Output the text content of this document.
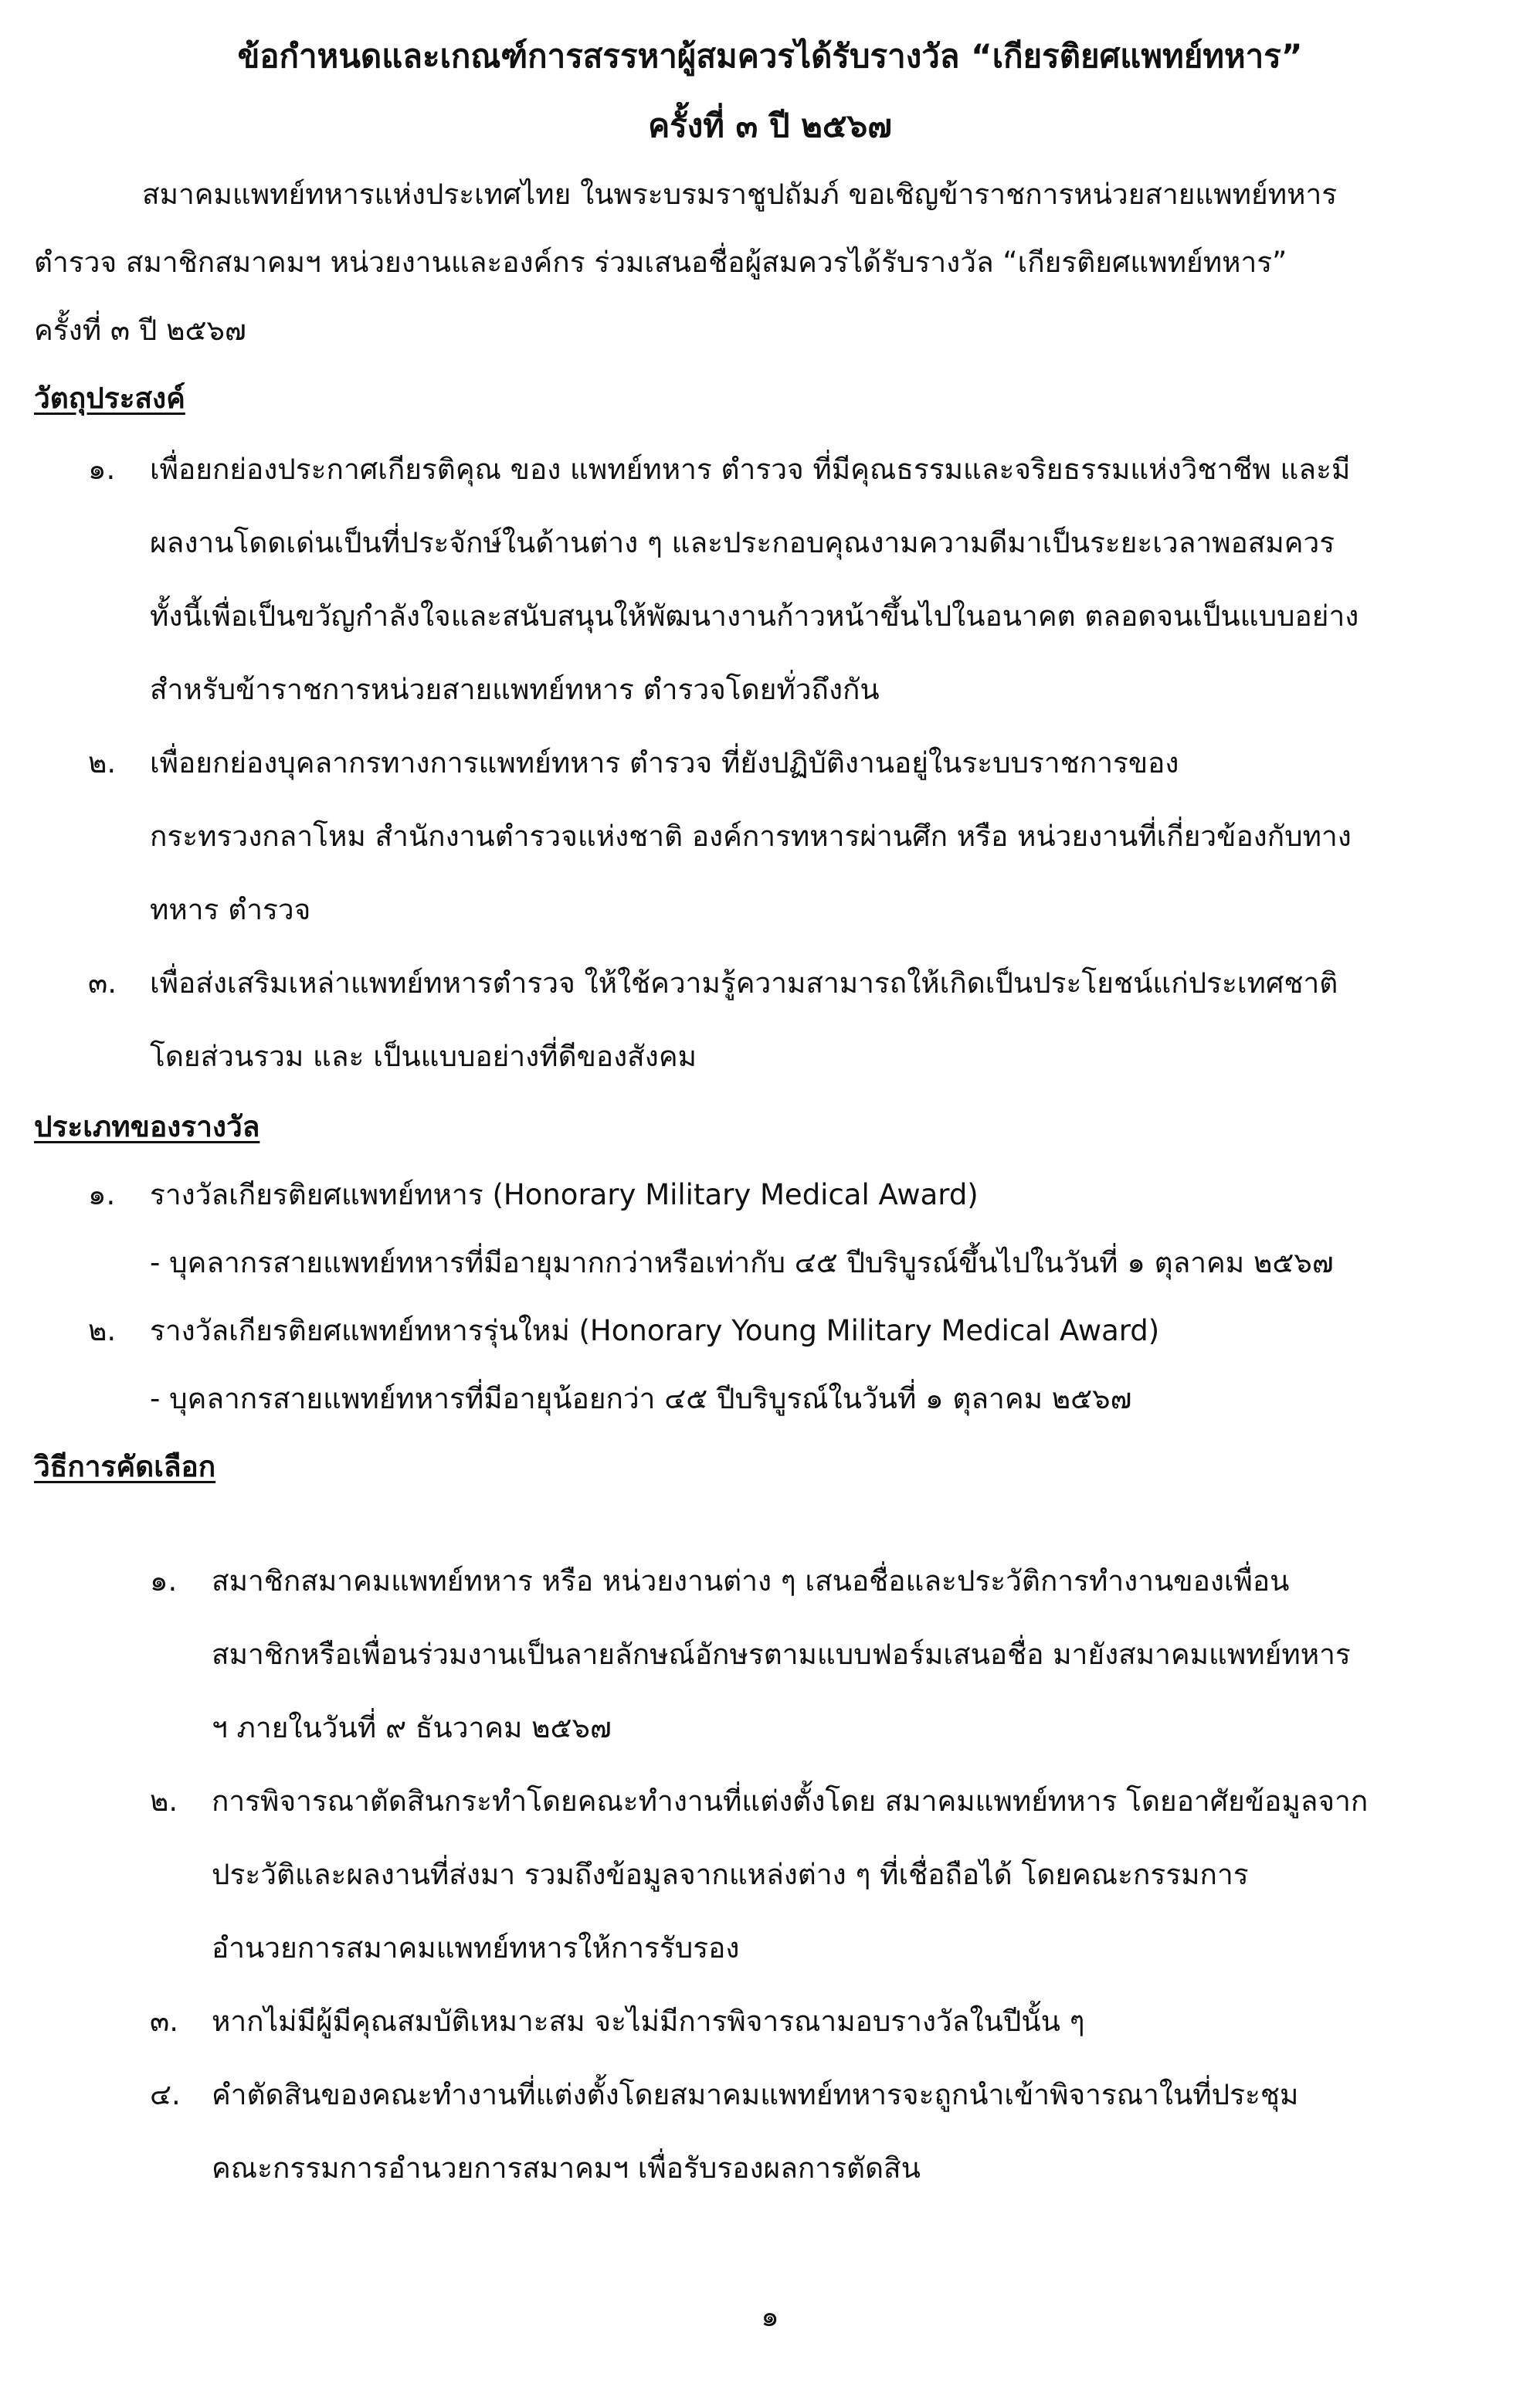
ข้อกำหนดและเกณฑ์การสรรหาผู้สมควรได้รับรางวัล “เกียรติยศแพทย์ทหาร”
ครั้งที่ ๓ ปี ๒๕๖๗
สมาคมแพทย์ทหารแห่งประเทศไทย ในพระบรมราชูปถัมภ์ ขอเชิญข้าราชการหน่วยสายแพทย์ทหาร
ตำรวจ สมาชิกสมาคมฯ หน่วยงานและองค์กร ร่วมเสนอชื่อผู้สมควรได้รับรางวัล “เกียรติยศแพทย์ทหาร”
ครั้งที่ ๓ ปี ๒๕๖๗
วัตถุประสงค์
๑.	เพื่อยกย่องประกาศเกียรติคุณ ของ แพทย์ทหาร ตำรวจ ที่มีคุณธรรมและจริยธรรมแห่งวิชาชีพ และมี
ผลงานโดดเด่นเป็นที่ประจักษ์ในด้านต่าง ๆ และประกอบคุณงามความดีมาเป็นระยะเวลาพอสมควร
ทั้งนี้เพื่อเป็นขวัญกำลังใจและสนับสนุนให้พัฒนางานก้าวหน้าขึ้นไปในอนาคต ตลอดจนเป็นแบบอย่าง
สำหรับข้าราชการหน่วยสายแพทย์ทหาร ตำรวจโดยทั่วถึงกัน
๒.	เพื่อยกย่องบุคลากรทางการแพทย์ทหาร ตำรวจ ที่ยังปฏิบัติงานอยู่ในระบบราชการของ
กระทรวงกลาโหม สำนักงานตำรวจแห่งชาติ องค์การทหารผ่านศึก หรือ หน่วยงานที่เกี่ยวข้องกับทาง
ทหาร ตำรวจ
๓.	เพื่อส่งเสริมเหล่าแพทย์ทหารตำรวจ ให้ใช้ความรู้ความสามารถให้เกิดเป็นประโยชน์แก่ประเทศชาติ
โดยส่วนรวม และ เป็นแบบอย่างที่ดีของสังคม
ประเภทของรางวัล
๑.	รางวัลเกียรติยศแพทย์ทหาร (Honorary Military Medical Award)
- บุคลากรสายแพทย์ทหารที่มีอายุมากกว่าหรือเท่ากับ ๔๕ ปีบริบูรณ์ขึ้นไปในวันที่ ๑ ตุลาคม ๒๕๖๗
๒.	รางวัลเกียรติยศแพทย์ทหารรุ่นใหม่ (Honorary Young Military Medical Award)
- บุคลากรสายแพทย์ทหารที่มีอายุน้อยกว่า ๔๕ ปีบริบูรณ์ในวันที่ ๑ ตุลาคม ๒๕๖๗
วิธีการคัดเลือก
๑.	สมาชิกสมาคมแพทย์ทหาร หรือ หน่วยงานต่าง ๆ เสนอชื่อและประวัติการทำงานของเพื่อน
สมาชิกหรือเพื่อนร่วมงานเป็นลายลักษณ์อักษรตามแบบฟอร์มเสนอชื่อ มายังสมาคมแพทย์ทหาร
ฯ ภายในวันที่ ๙ ธันวาคม ๒๕๖๗
๒.	การพิจารณาตัดสินกระทำโดยคณะทำงานที่แต่งตั้งโดย สมาคมแพทย์ทหาร โดยอาศัยข้อมูลจาก
ประวัติและผลงานที่ส่งมา รวมถึงข้อมูลจากแหล่งต่าง ๆ ที่เชื่อถือได้ โดยคณะกรรมการ
อำนวยการสมาคมแพทย์ทหารให้การรับรอง
๓.	หากไม่มีผู้มีคุณสมบัติเหมาะสม จะไม่มีการพิจารณามอบรางวัลในปีนั้น ๆ
๔.	คำตัดสินของคณะทำงานที่แต่งตั้งโดยสมาคมแพทย์ทหารจะถูกนำเข้าพิจารณาในที่ประชุม
คณะกรรมการอำนวยการสมาคมฯ เพื่อรับรองผลการตัดสิน
๑
